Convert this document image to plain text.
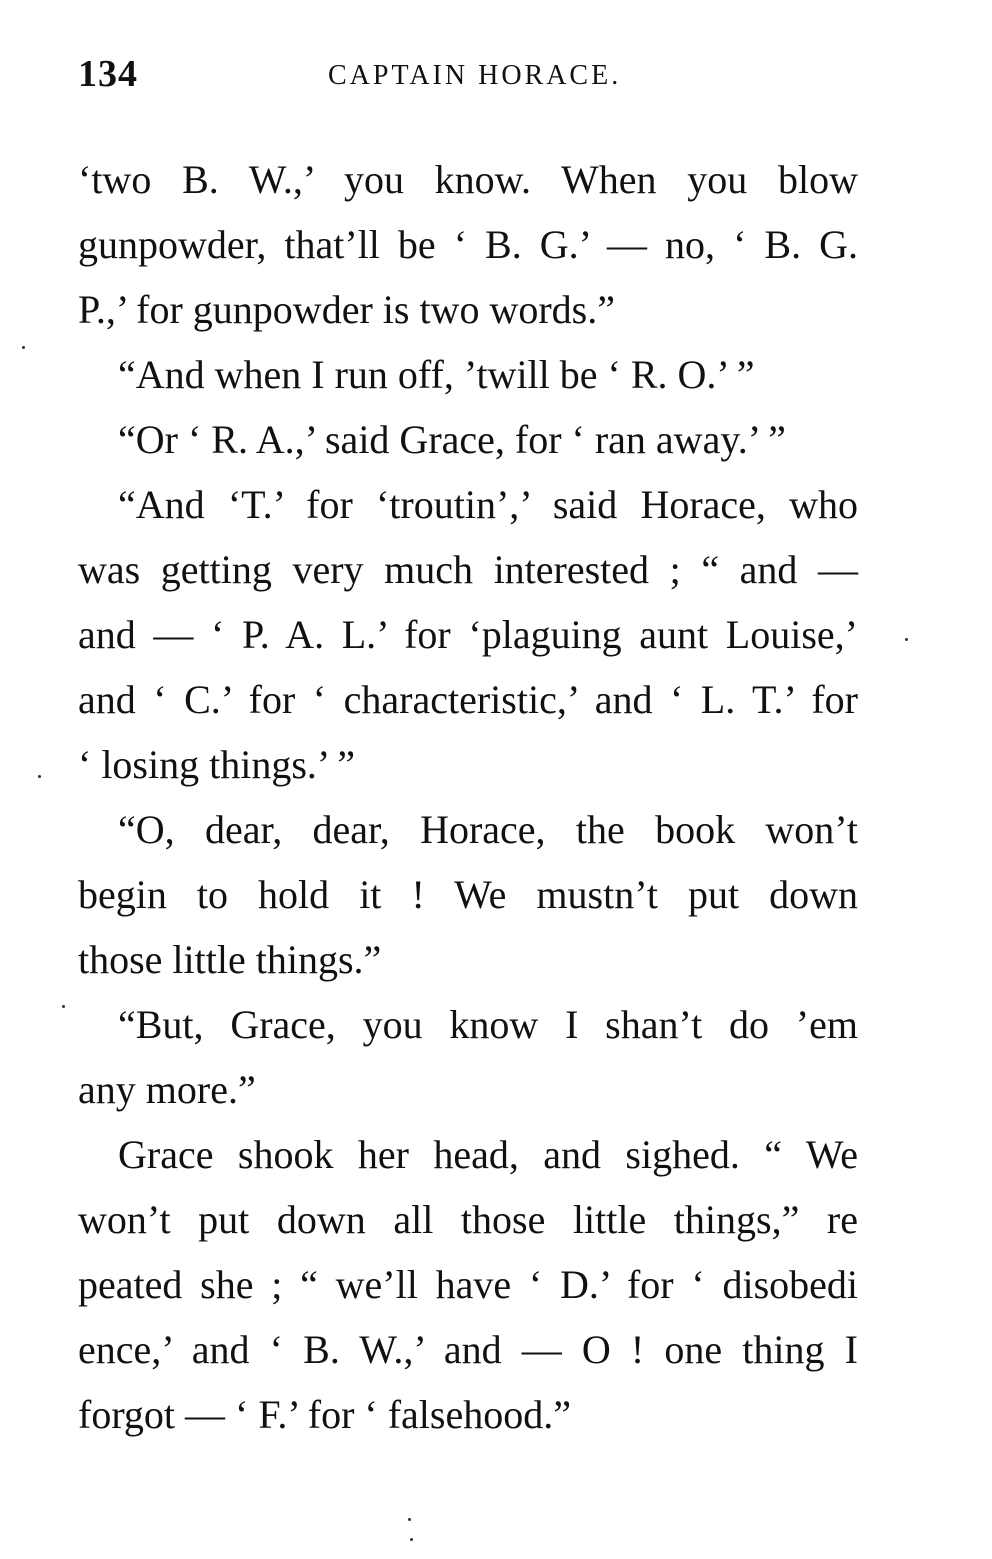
134	CAPTAIN HORACE.
‘two B. W.,’ you know. When you blow
gunpowder, that’ll be ‘ B. G.’ — no, ‘ B. G.
P.,’ for gunpowder is two words.”
“And when I run off, ’twill be ‘ R. O.’ ”
“Or ‘ R. A.,’ said Grace, for ‘ ran away.’ ”
“And ‘T.’ for ‘troutin’,’ said Horace, who
was getting very much interested ; “ and —
and — ‘ P. A. L.’ for ‘plaguing aunt Louise,’
and ‘ C.’ for ‘ characteristic,’ and ‘ L. T.’ for
‘ losing things.’ ”
“O, dear, dear, Horace, the book won’t
begin to hold it ! We mustn’t put down
those little things.”
“But, Grace, you know I shan’t do ’em
any more.”
Grace shook her head, and sighed. “ We
won’t put down all those little things,” re
peated she ; “ we’ll have ‘ D.’ for ‘ disobedi
ence,’ and ‘ B. W.,’ and — O ! one thing I
forgot — ‘ F.’ for ‘ falsehood.”
